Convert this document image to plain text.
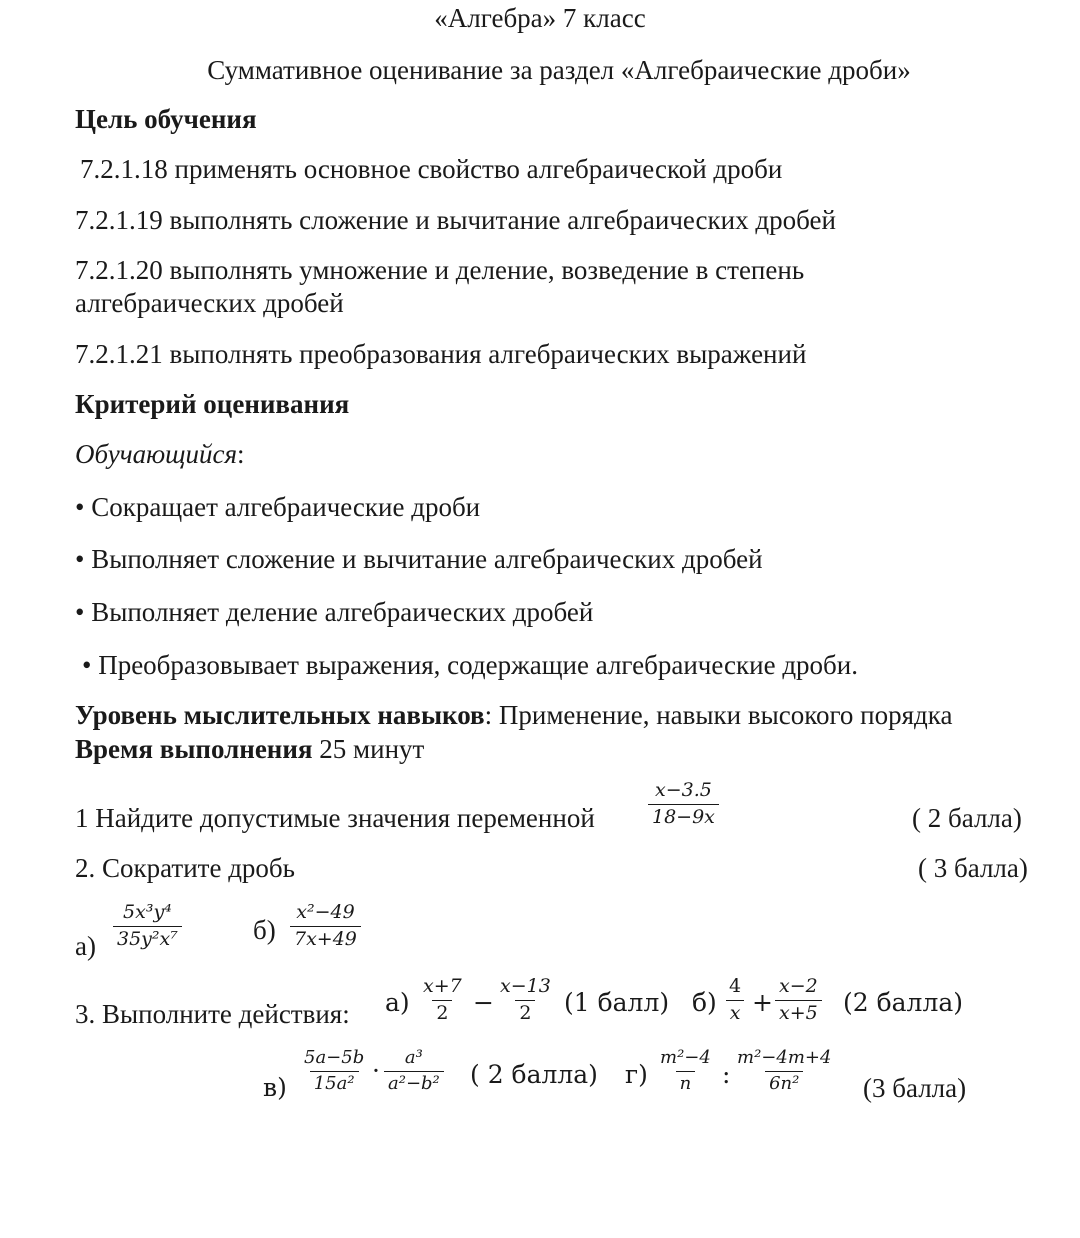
«Алгебра» 7 класс
Суммативное оценивание за раздел «Алгебраические дроби»
Цель обучения
7.2.1.18 применять основное свойство алгебраической дроби
7.2.1.19 выполнять сложение и вычитание алгебраических дробей
7.2.1.20 выполнять умножение и деление, возведение в степень
алгебраических дробей
7.2.1.21 выполнять преобразования алгебраических выражений
Критерий оценивания
Обучающийся:
• Сокращает алгебраические дроби
• Выполняет сложение и вычитание алгебраических дробей
• Выполняет деление алгебраических дробей
• Преобразовывает выражения, содержащие алгебраические дроби.
Уровень мыслительных навыков: Применение, навыки высокого порядка
Время выполнения 25 минут
1 Найдите допустимые значения переменной	$\frac{x-3.5}{18-9x}$	( 2 балла)
2. Сократите дробь	( 3 балла)
$а) \frac{\text{5x³y⁴}}{\text{35y²x⁷}}$	$б) \frac{\text{x²−49}}{7x+49}$
3. Выполните действия: $а) \frac{x+7}{2} - \frac{x-13}{2} (1$ балл) $б) \frac{4}{x} + \frac{x-2}{x+5} (2$ балла)
$в) \frac{5a-5b}{\text{15a²}} \cdot \frac{\text{a³}}{\text{a²−b²}}$ ( 2 балла) $г) \frac{\text{m²−4}}{n}$ : $\frac{\text{m²−4m+4}}{\text{6n²}} (3$ балла)
